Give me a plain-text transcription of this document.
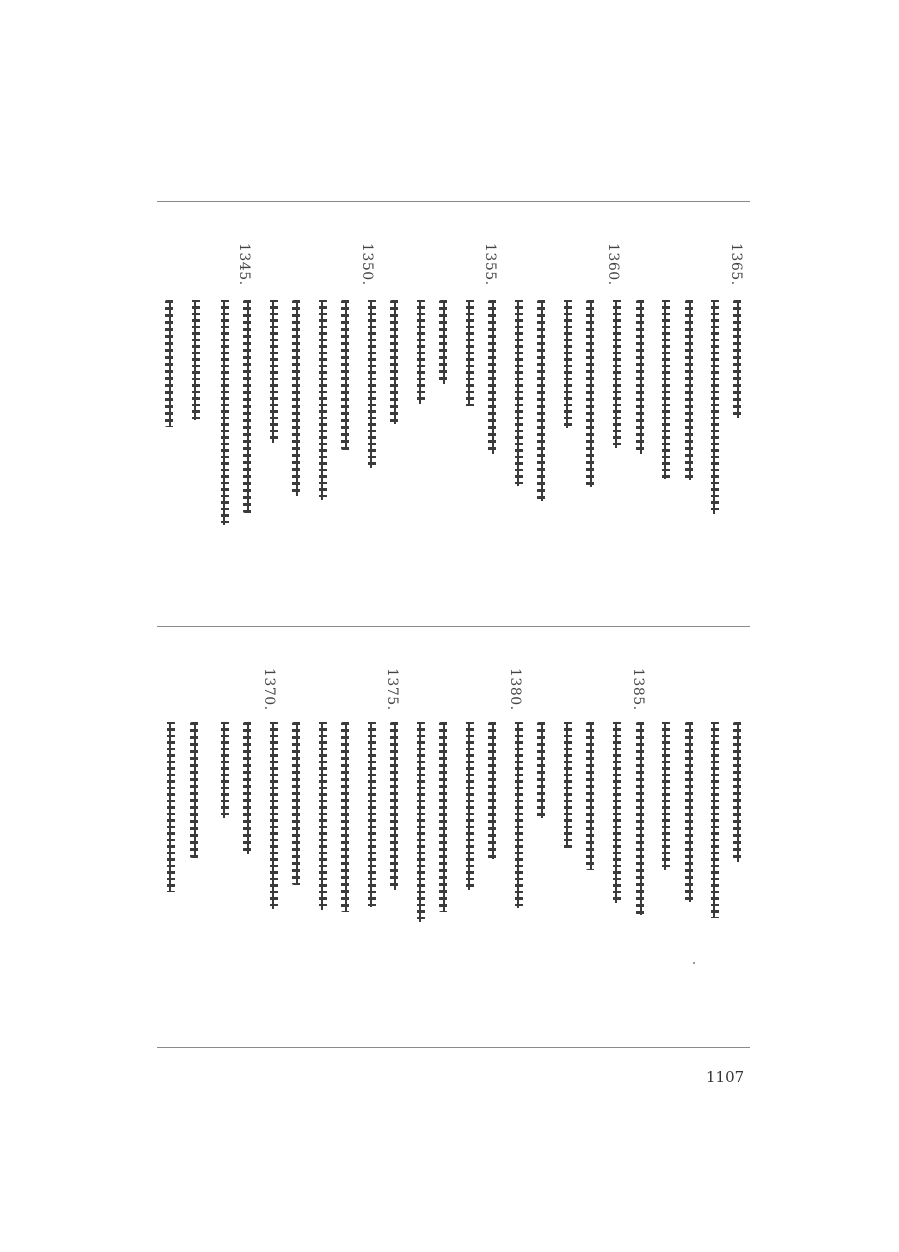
1365.
1360.
1355.
1350.
1345.
1385.
1380.
1375.
1370.
1107
